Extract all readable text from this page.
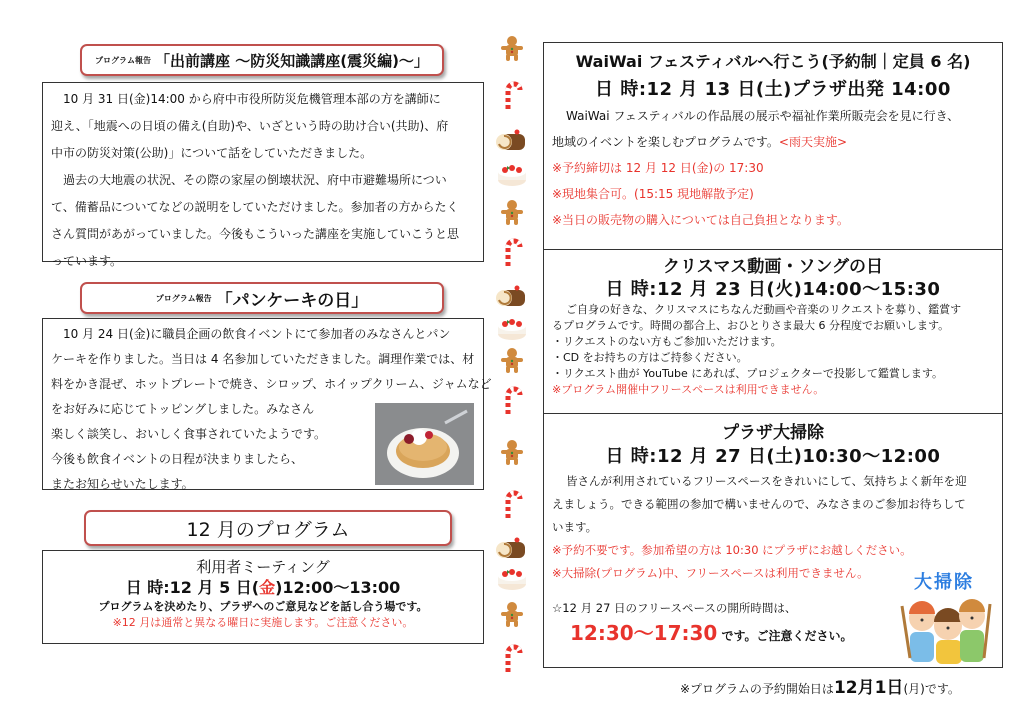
プログラム報告 「出前講座 ～防災知識講座(震災編)～」
10 月 31 日(金)14:00 から府中市役所防災危機管理本部の方を講師に
迎え、「地震への日頃の備え(自助)や、いざという時の助け合い(共助)、府
中市の防災対策(公助)」について話をしていただきました。
過去の大地震の状況、その際の家屋の倒壊状況、府中市避難場所につい
て、備蓄品についてなどの説明をしていただけました。参加者の方からたく
さん質問があがっていました。今後もこういった講座を実施していこうと思
っています。
プログラム報告 「パンケーキの日」
10 月 24 日(金)に職員企画の飲食イベントにて参加者のみなさんとパン
ケーキを作りました。当日は 4 名参加していただきました。調理作業では、材
料をかき混ぜ、ホットプレートで焼き、シロップ、ホイップクリーム、ジャムなど
をお好みに応じてトッピングしました。みなさん
楽しく談笑し、おいしく食事されていたようです。
今後も飲食イベントの日程が決まりましたら、
またお知らせいたします。
12 月のプログラム
利用者ミーティング
日 時:12 月 5 日(金)12:00～13:00
プログラムを決めたり、プラザへのご意見などを話し合う場です。
※12 月は通常と異なる曜日に実施します。ご注意ください。
WaiWai フェスティバルへ行こう(予約制｜定員 6 名)
日 時:12 月 13 日(土)プラザ出発 14:00
WaiWai フェスティバルの作品展の展示や福祉作業所販売会を見に行き、
地域のイベントを楽しむプログラムです。<雨天実施>
※予約締切は 12 月 12 日(金)の 17:30
※現地集合可。(15:15 現地解散予定)
※当日の販売物の購入については自己負担となります。
クリスマス動画・ソングの日
日 時:12 月 23 日(火)14:00～15:30
ご自身の好きな、クリスマスにちなんだ動画や音楽のリクエストを募り、鑑賞す
るプログラムです。時間の都合上、おひとりさま最大 6 分程度でお願いします。
・リクエストのない方もご参加いただけます。
・CD をお持ちの方はご持参ください。
・リクエスト曲が YouTube にあれば、プロジェクターで投影して鑑賞します。
※プログラム開催中フリースペースは利用できません。
プラザ大掃除
日 時:12 月 27 日(土)10:30～12:00
皆さんが利用されているフリースペースをきれいにして、気持ちよく新年を迎
えましょう。できる範囲の参加で構いませんので、みなさまのご参加お待ちして
います。
※予約不要です。参加希望の方は 10:30 にプラザにお越しください。
※大掃除(プログラム)中、フリースペースは利用できません。
☆12 月 27 日のフリースペースの開所時間は、
12:30～17:30 です。ご注意ください。
大掃除
※プログラムの予約開始日は12月1日(月)です。
